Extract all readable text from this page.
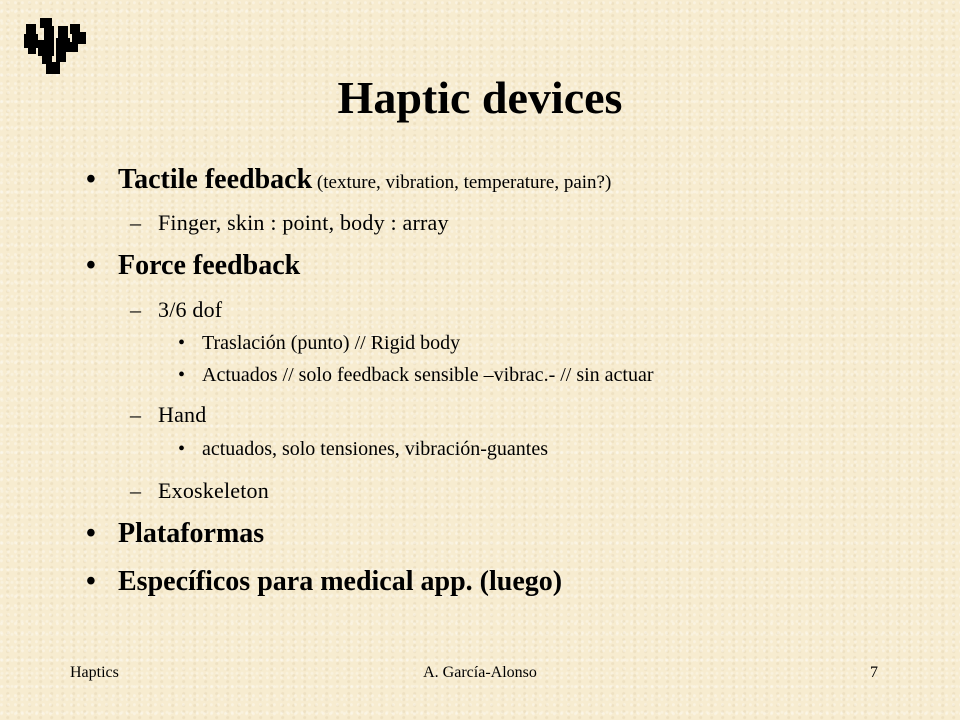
Haptic devices
• Tactile feedback (texture, vibration, temperature, pain?)
– Finger, skin : point, body : array
• Force feedback
– 3/6 dof
• Traslación (punto) // Rigid body
• Actuados // solo feedback sensible –vibrac.- // sin actuar
– Hand
• actuados, solo tensiones, vibración-guantes
– Exoskeleton
• Plataformas
• Específicos para medical app. (luego)
Haptics	A. García-Alonso	7
